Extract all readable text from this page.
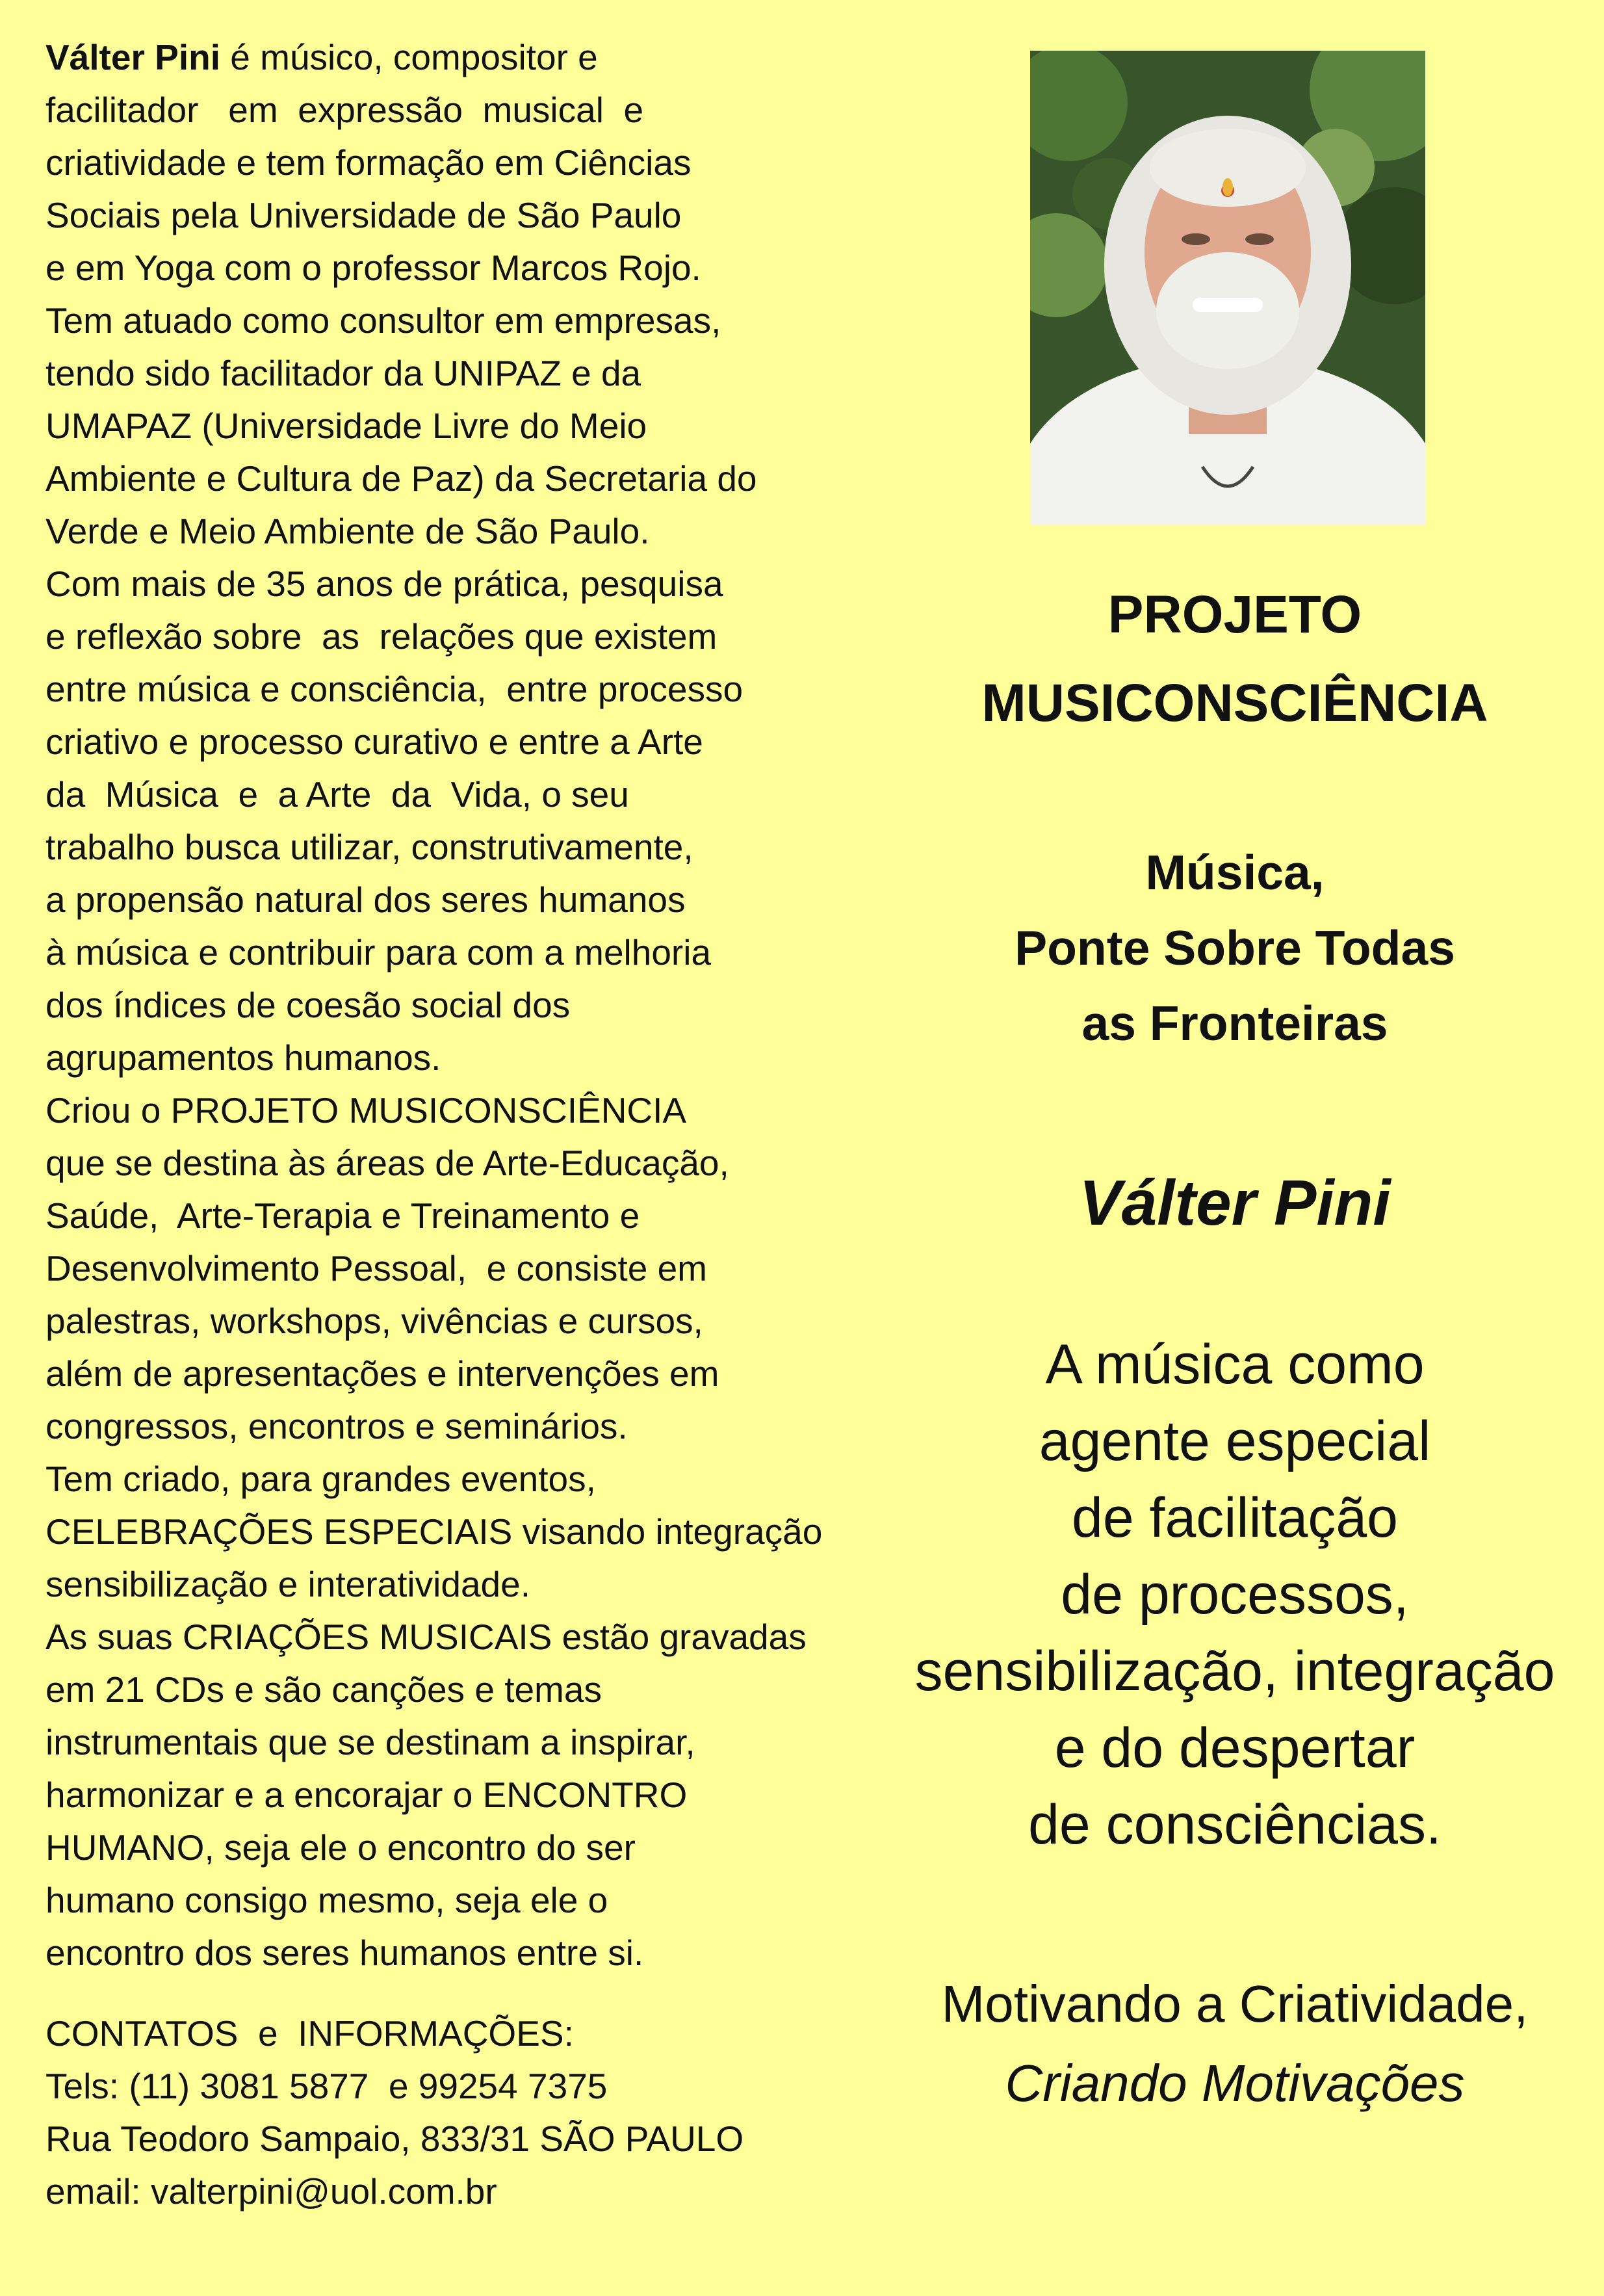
Válter Pini é músico, compositor e
facilitador   em  expressão  musical  e
criatividade e tem formação em Ciências
Sociais pela Universidade de São Paulo
e em Yoga com o professor Marcos Rojo.
Tem atuado como consultor em empresas,
tendo sido facilitador da UNIPAZ e da
UMAPAZ (Universidade Livre do Meio
Ambiente e Cultura de Paz) da Secretaria do
Verde e Meio Ambiente de São Paulo.
Com mais de 35 anos de prática, pesquisa
e reflexão sobre  as  relações que existem
entre música e consciência,  entre processo
criativo e processo curativo e entre a Arte
da  Música  e  a Arte  da  Vida, o seu
trabalho busca utilizar, construtivamente,
a propensão natural dos seres humanos
à música e contribuir para com a melhoria
dos índices de coesão social dos
agrupamentos humanos.
Criou o PROJETO MUSICONSCIÊNCIA
que se destina às áreas de Arte-Educação,
Saúde,  Arte-Terapia e Treinamento e
Desenvolvimento Pessoal,  e consiste em
palestras, workshops, vivências e cursos,
além de apresentações e intervenções em
congressos, encontros e seminários.
Tem criado, para grandes eventos,
CELEBRAÇÕES ESPECIAIS visando integração
sensibilização e interatividade.
As suas CRIAÇÕES MUSICAIS estão gravadas
em 21 CDs e são canções e temas
instrumentais que se destinam a inspirar,
harmonizar e a encorajar o ENCONTRO
HUMANO, seja ele o encontro do ser
humano consigo mesmo, seja ele o
encontro dos seres humanos entre si.
CONTATOS  e  INFORMAÇÕES:
Tels: (11) 3081 5877  e 99254 7375
Rua Teodoro Sampaio, 833/31 SÃO PAULO
email: valterpini@uol.com.br
PROJETO
MUSICONSCIÊNCIA
Música,
Ponte Sobre Todas
as Fronteiras
Válter Pini
A música como
agente especial
de facilitação
de processos,
sensibilização, integração
e do despertar
de consciências.
Motivando a Criatividade,
Criando Motivações
